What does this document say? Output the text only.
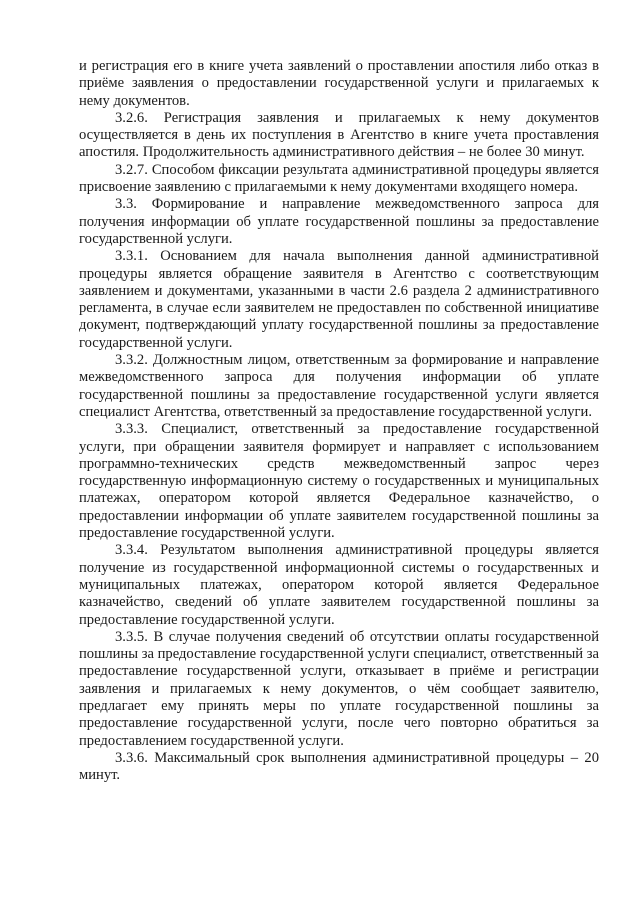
и регистрация его в книге учета заявлений о проставлении апостиля либо отказ в приёме заявления о предоставлении государственной услуги и прилагаемых к нему документов.

3.2.6. Регистрация заявления и прилагаемых к нему документов осуществляется в день их поступления в Агентство в книге учета проставления апостиля. Продолжительность административного действия – не более 30 минут.

3.2.7. Способом фиксации результата административной процедуры является присвоение заявлению с прилагаемыми к нему документами входящего номера.

3.3. Формирование и направление межведомственного запроса для получения информации об уплате государственной пошлины за предоставление государственной услуги.

3.3.1. Основанием для начала выполнения данной административной процедуры является обращение заявителя в Агентство с соответствующим заявлением и документами, указанными в части 2.6 раздела 2 административного регламента, в случае если заявителем не предоставлен по собственной инициативе документ, подтверждающий уплату государственной пошлины за предоставление государственной услуги.

3.3.2. Должностным лицом, ответственным за формирование и направление межведомственного запроса для получения информации об уплате государственной пошлины за предоставление государственной услуги является специалист Агентства, ответственный за предоставление государственной услуги.

3.3.3. Специалист, ответственный за предоставление государственной услуги, при обращении заявителя формирует и направляет с использованием программно-технических средств межведомственный запрос через государственную информационную систему о государственных и муниципальных платежах, оператором которой является Федеральное казначейство, о предоставлении информации об уплате заявителем государственной пошлины за предоставление государственной услуги.

3.3.4. Результатом выполнения административной процедуры является получение из государственной информационной системы о государственных и муниципальных платежах, оператором которой является Федеральное казначейство, сведений об уплате заявителем государственной пошлины за предоставление государственной услуги.

3.3.5. В случае получения сведений об отсутствии оплаты государственной пошлины за предоставление государственной услуги специалист, ответственный за предоставление государственной услуги, отказывает в приёме и регистрации заявления и прилагаемых к нему документов, о чём сообщает заявителю, предлагает ему принять меры по уплате государственной пошлины за предоставление государственной услуги, после чего повторно обратиться за предоставлением государственной услуги.

3.3.6. Максимальный срок выполнения административной процедуры – 20 минут.
